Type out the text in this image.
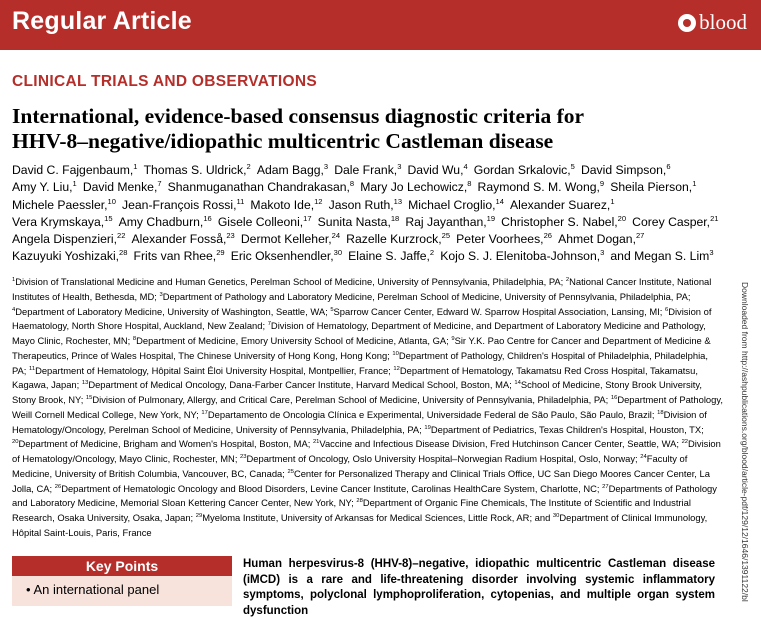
Regular Article	blood
CLINICAL TRIALS AND OBSERVATIONS
International, evidence-based consensus diagnostic criteria for
HHV-8–negative/idiopathic multicentric Castleman disease
David C. Fajgenbaum,$^1$  Thomas S. Uldrick,$^2$  Adam Bagg,$^3$  Dale Frank,$^3$  David Wu,$^4$  Gordan Srkalovic,$^5$  David Simpson,$^6$
Amy Y. Liu,$^1$  David Menke,$^7$  Shanmuganathan Chandrakasan,$^8$  Mary Jo Lechowicz,$^8$  Raymond S. M. Wong,$^9$  Sheila Pierson,$^1$
Michele Paessler,$^{10}$  Jean-François Rossi,$^{11}$  Makoto Ide,$^{12}$  Jason Ruth,$^{13}$  Michael Croglio,$^{14}$  Alexander Suarez,$^1$
Vera Krymskaya,$^{15}$  Amy Chadburn,$^{16}$  Gisele Colleoni,$^{17}$  Sunita Nasta,$^{18}$  Raj Jayanthan,$^{19}$  Christopher S. Nabel,$^{20}$  Corey Casper,$^{21}$
Angela Dispenzieri,$^{22}$  Alexander Fosså,$^{23}$  Dermot Kelleher,$^{24}$  Razelle Kurzrock,$^{25}$  Peter Voorhees,$^{26}$  Ahmet Dogan,$^{27}$
Kazuyuki Yoshizaki,$^{28}$  Frits van Rhee,$^{29}$  Eric Oksenhendler,$^{30}$  Elaine S. Jaffe,$^2$  Kojo S. J. Elenitoba-Johnson,$^3$  and Megan S. Lim$^3$
$^1$Division of Translational Medicine and Human Genetics, Perelman School of Medicine, University of Pennsylvania, Philadelphia, PA; $^2$National Cancer Institute, National Institutes of Health, Bethesda, MD; $^3$Department of Pathology and Laboratory Medicine, Perelman School of Medicine, University of Pennsylvania, Philadelphia, PA; $^4$Department of Laboratory Medicine, University of Washington, Seattle, WA; $^5$Sparrow Cancer Center, Edward W. Sparrow Hospital Association, Lansing, MI; $^6$Division of Haematology, North Shore Hospital, Auckland, New Zealand; $^7$Division of Hematology, Department of Medicine, and Department of Laboratory Medicine and Pathology, Mayo Clinic, Rochester, MN; $^8$Department of Medicine, Emory University School of Medicine, Atlanta, GA; $^9$Sir Y.K. Pao Centre for Cancer and Department of Medicine & Therapeutics, Prince of Wales Hospital, The Chinese University of Hong Kong, Hong Kong; $^{10}$Department of Pathology, Children's Hospital of Philadelphia, Philadelphia, PA; $^{11}$Department of Hematology, Hôpital Saint Éloi University Hospital, Montpellier, France; $^{12}$Department of Hematology, Takamatsu Red Cross Hospital, Takamatsu, Kagawa, Japan; $^{13}$Department of Medical Oncology, Dana-Farber Cancer Institute, Harvard Medical School, Boston, MA; $^{14}$School of Medicine, Stony Brook University, Stony Brook, NY; $^{15}$Division of Pulmonary, Allergy, and Critical Care, Perelman School of Medicine, University of Pennsylvania, Philadelphia, PA; $^{16}$Department of Pathology, Weill Cornell Medical College, New York, NY; $^{17}$Departamento de Oncologia Clínica e Experimental, Universidade Federal de São Paulo, São Paulo, Brazil; $^{18}$Division of Hematology/Oncology, Perelman School of Medicine, University of Pennsylvania, Philadelphia, PA; $^{19}$Department of Pediatrics, Texas Children's Hospital, Houston, TX; $^{20}$Department of Medicine, Brigham and Women's Hospital, Boston, MA; $^{21}$Vaccine and Infectious Disease Division, Fred Hutchinson Cancer Center, Seattle, WA; $^{22}$Division of Hematology/Oncology, Mayo Clinic, Rochester, MN; $^{23}$Department of Oncology, Oslo University Hospital–Norwegian Radium Hospital, Oslo, Norway; $^{24}$Faculty of Medicine, University of British Columbia, Vancouver, BC, Canada; $^{25}$Center for Personalized Therapy and Clinical Trials Office, UC San Diego Moores Cancer Center, La Jolla, CA; $^{26}$Department of Hematologic Oncology and Blood Disorders, Levine Cancer Institute, Carolinas HealthCare System, Charlotte, NC; $^{27}$Departments of Pathology and Laboratory Medicine, Memorial Sloan Kettering Cancer Center, New York, NY; $^{28}$Department of Organic Fine Chemicals, The Institute of Scientific and Industrial Research, Osaka University, Osaka, Japan; $^{29}$Myeloma Institute, University of Arkansas for Medical Sciences, Little Rock, AR; and $^{30}$Department of Clinical Immunology, Hôpital Saint-Louis, Paris, France	Downloaded from http://ashpublications.org/blood/article-pdf/129/12/1646/1391122/bl
Key Points
• An international panel
Human herpesvirus-8 (HHV-8)–negative, idiopathic multicentric Castleman disease (iMCD) is a rare and life-threatening disorder involving systemic inflammatory symptoms, polyclonal lymphoproliferation, cytopenias, and multiple organ system dysfunction
